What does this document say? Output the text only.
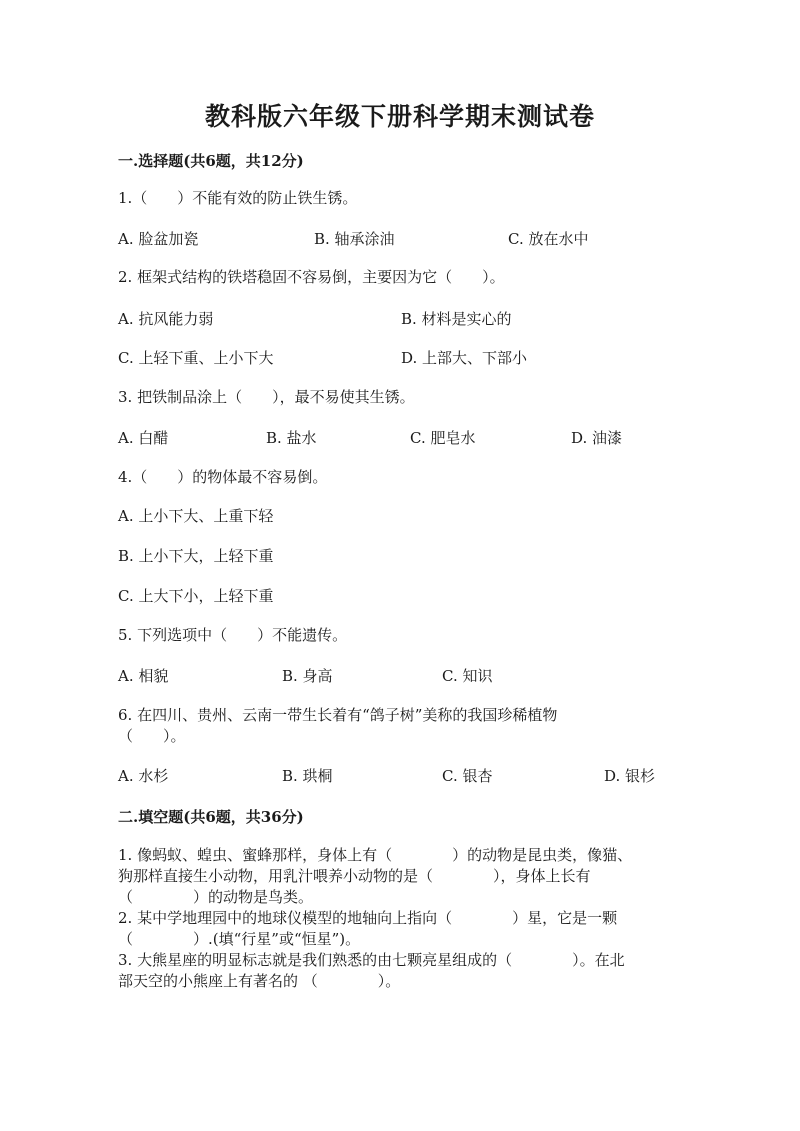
教科版六年级下册科学期末测试卷
一.选择题(共6题，共12分)
1.（　　）不能有效的防止铁生锈。
A. 脸盆加瓷	B. 轴承涂油	C. 放在水中
2. 框架式结构的铁塔稳固不容易倒，主要因为它（　　）。
A. 抗风能力弱	B. 材料是实心的
C. 上轻下重、上小下大	D. 上部大、下部小
3. 把铁制品涂上（　　），最不易使其生锈。
A. 白醋	B. 盐水	C. 肥皂水	D. 油漆
4.（　　）的物体最不容易倒。
A. 上小下大、上重下轻
B. 上小下大，上轻下重
C. 上大下小，上轻下重
5. 下列选项中（　　）不能遗传。
A. 相貌	B. 身高	C. 知识
6. 在四川、贵州、云南一带生长着有“鸽子树”美称的我国珍稀植物
（　　）。
A. 水杉	B. 珙桐	C. 银杏	D. 银杉
二.填空题(共6题，共36分)
1. 像蚂蚁、蝗虫、蜜蜂那样，身体上有（　　　　）的动物是昆虫类，像猫、
狗那样直接生小动物，用乳汁喂养小动物的是（　　　　），身体上长有
（　　　　）的动物是鸟类。
2. 某中学地理园中的地球仪模型的地轴向上指向（　　　　）星，它是一颗
（　　　　）.(填“行星”或“恒星”)。
3. 大熊星座的明显标志就是我们熟悉的由七颗亮星组成的（　　　　）。在北
部天空的小熊座上有著名的 （　　　　）。
